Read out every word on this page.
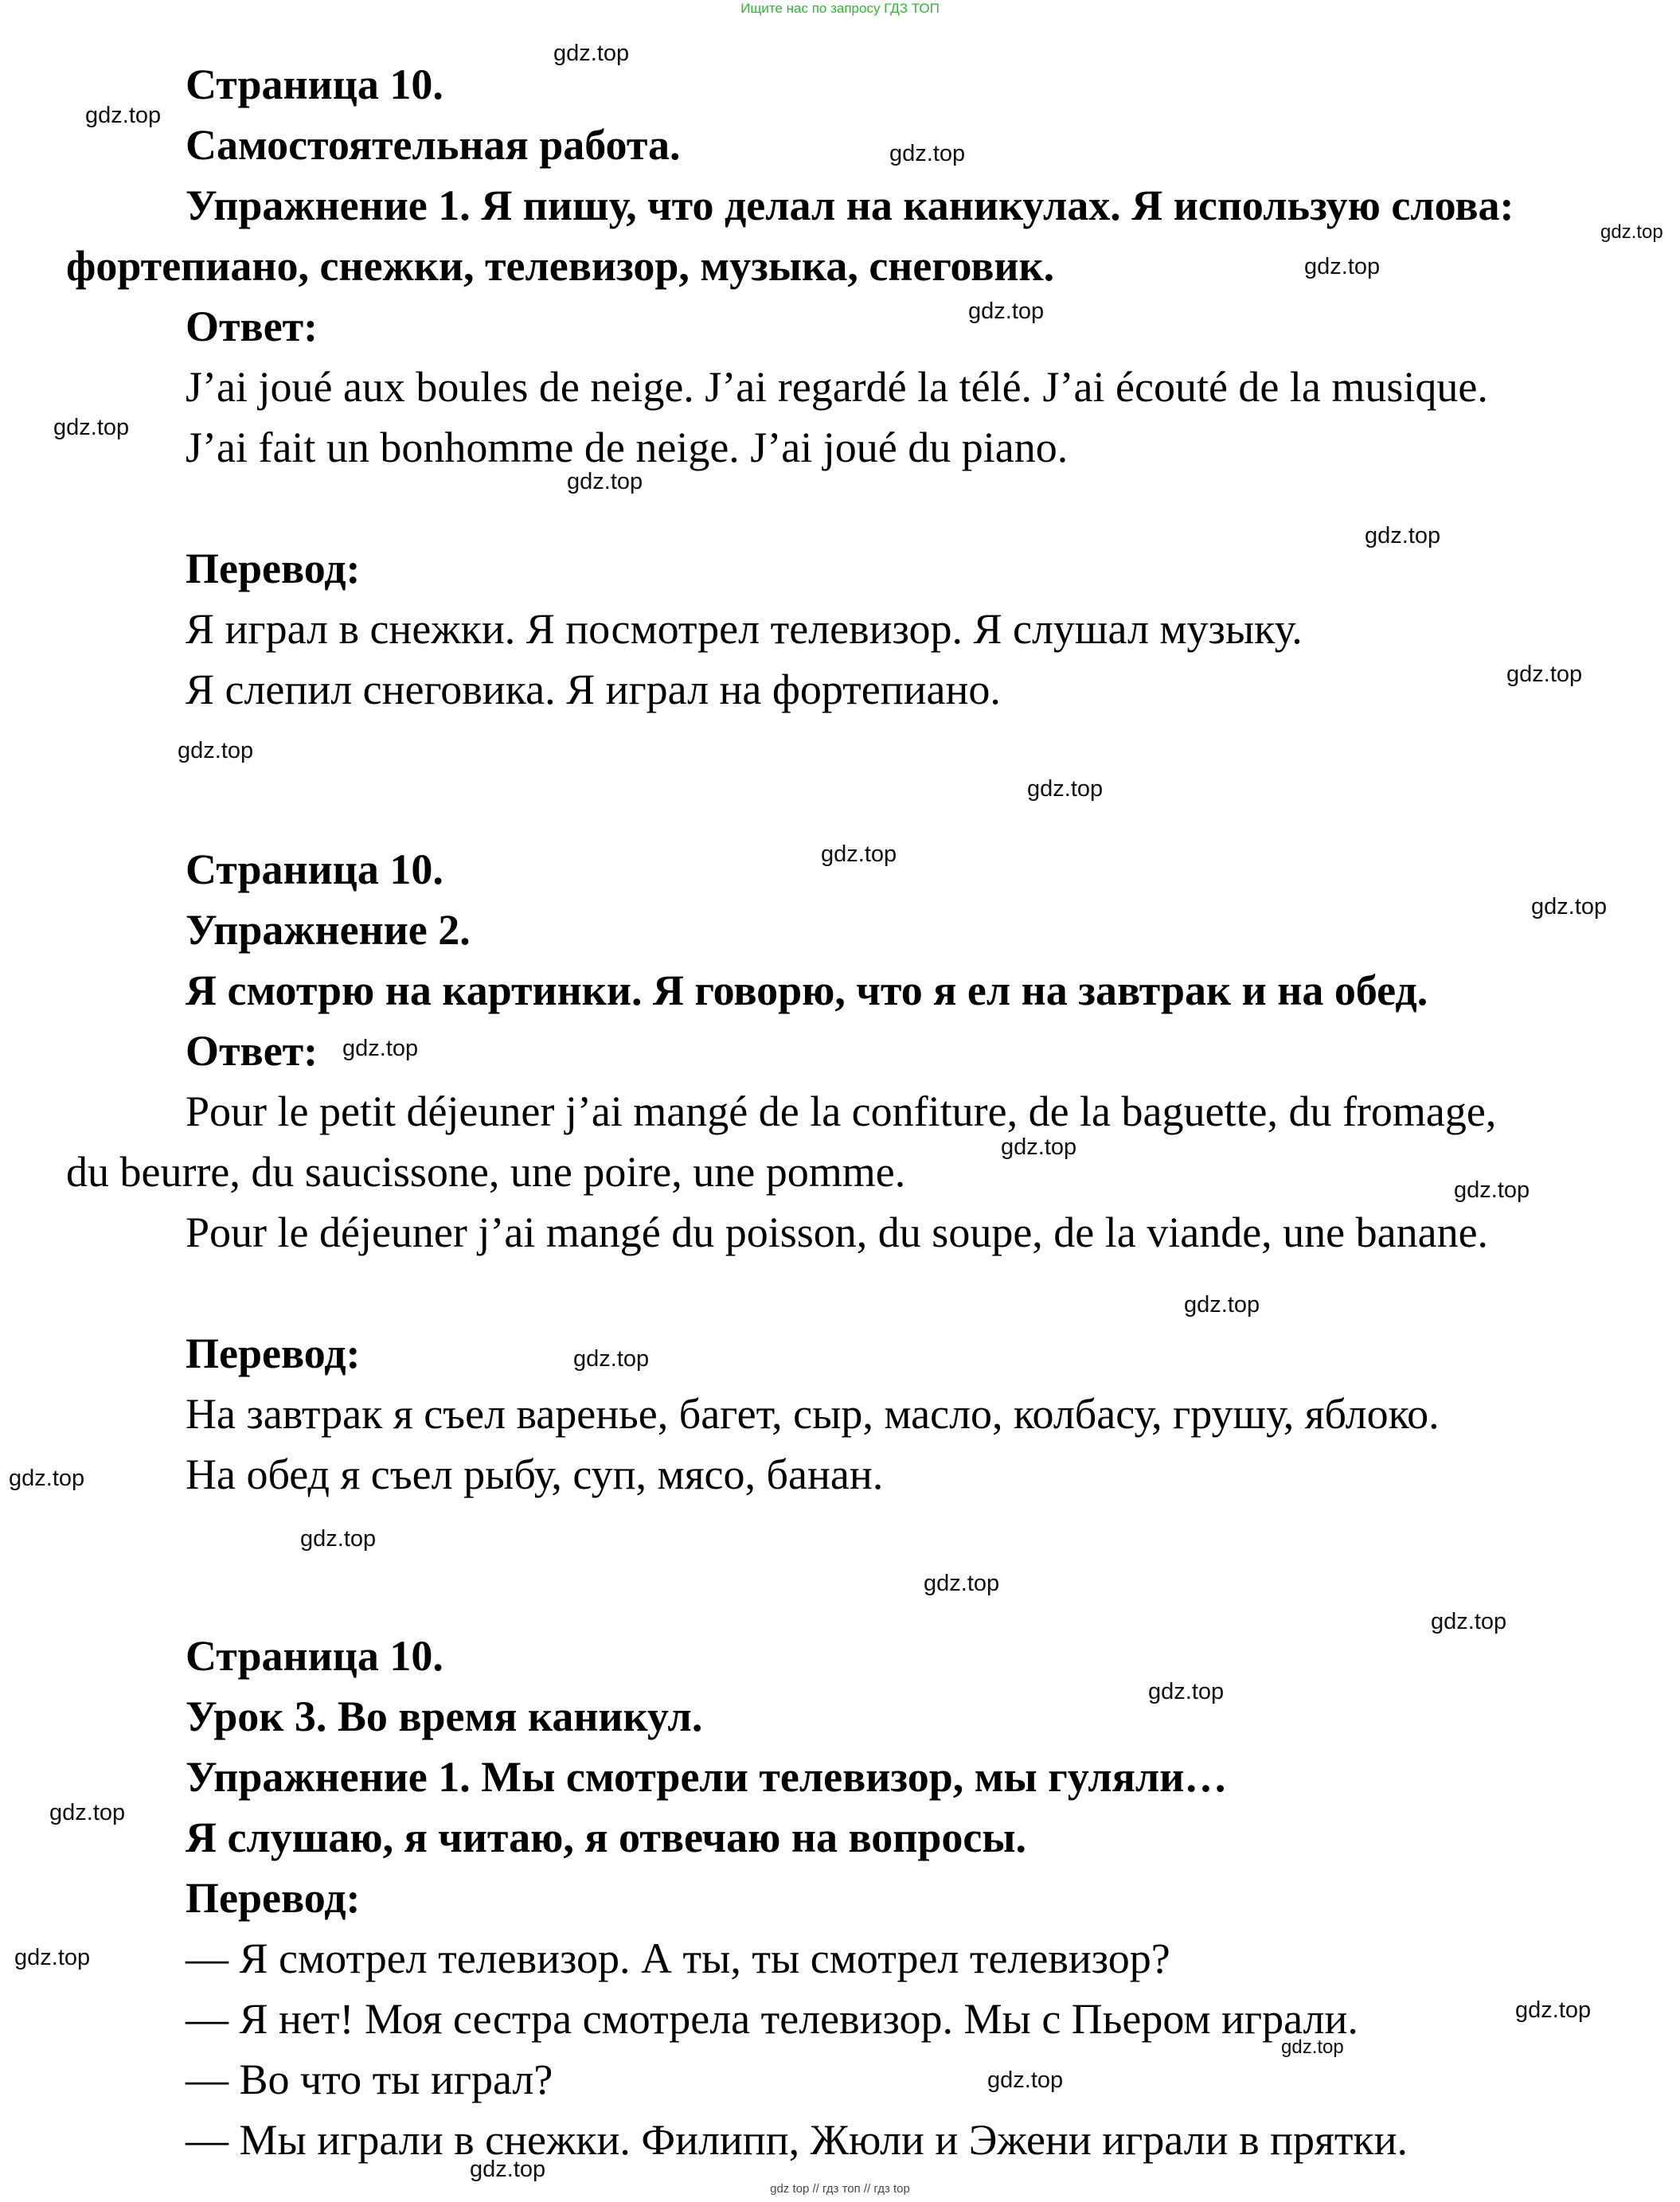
Ищите нас по запросу ГДЗ ТОП
Страница 10.
Самостоятельная работа.
Упражнение 1. Я пишу, что делал на каникулах. Я использую слова:
фортепиано, снежки, телевизор, музыка, снеговик.
Ответ:
J’ai joué aux boules de neige. J’ai regardé la télé. J’ai écouté de la musique.
J’ai fait un bonhomme de neige. J’ai joué du piano.
Перевод:
Я играл в снежки. Я посмотрел телевизор. Я слушал музыку.
Я слепил снеговика. Я играл на фортепиано.
Страница 10.
Упражнение 2.
Я смотрю на картинки. Я говорю, что я ел на завтрак и на обед.
Ответ:
Pour le petit déjeuner j’ai mangé de la confiture, de la baguette, du fromage,
du beurre, du saucissone, une poire, une pomme.
Pour le déjeuner j’ai mangé du poisson, du soupe, de la viande, une banane.
Перевод:
На завтрак я съел варенье, багет, сыр, масло, колбасу, грушу, яблоко.
На обед я съел рыбу, суп, мясо, банан.
Страница 10.
Урок 3. Во время каникул.
Упражнение 1. Мы смотрели телевизор, мы гуляли…
Я слушаю, я читаю, я отвечаю на вопросы.
Перевод:
— Я смотрел телевизор. А ты, ты смотрел телевизор?
— Я нет! Моя сестра смотрела телевизор. Мы с Пьером играли.
— Во что ты играл?
— Мы играли в снежки. Филипп, Жюли и Эжени играли в прятки.
gdz.top
gdz.top
gdz.top
gdz.top
gdz.top
gdz.top
gdz.top
gdz.top
gdz.top
gdz.top
gdz.top
gdz.top
gdz.top
gdz.top
gdz.top
gdz.top
gdz.top
gdz.top
gdz.top
gdz.top
gdz.top
gdz.top
gdz.top
gdz.top
gdz.top
gdz.top
gdz.top
gdz.top
gdz.top
gdz.top
gdz top // гдз топ // гдз top
